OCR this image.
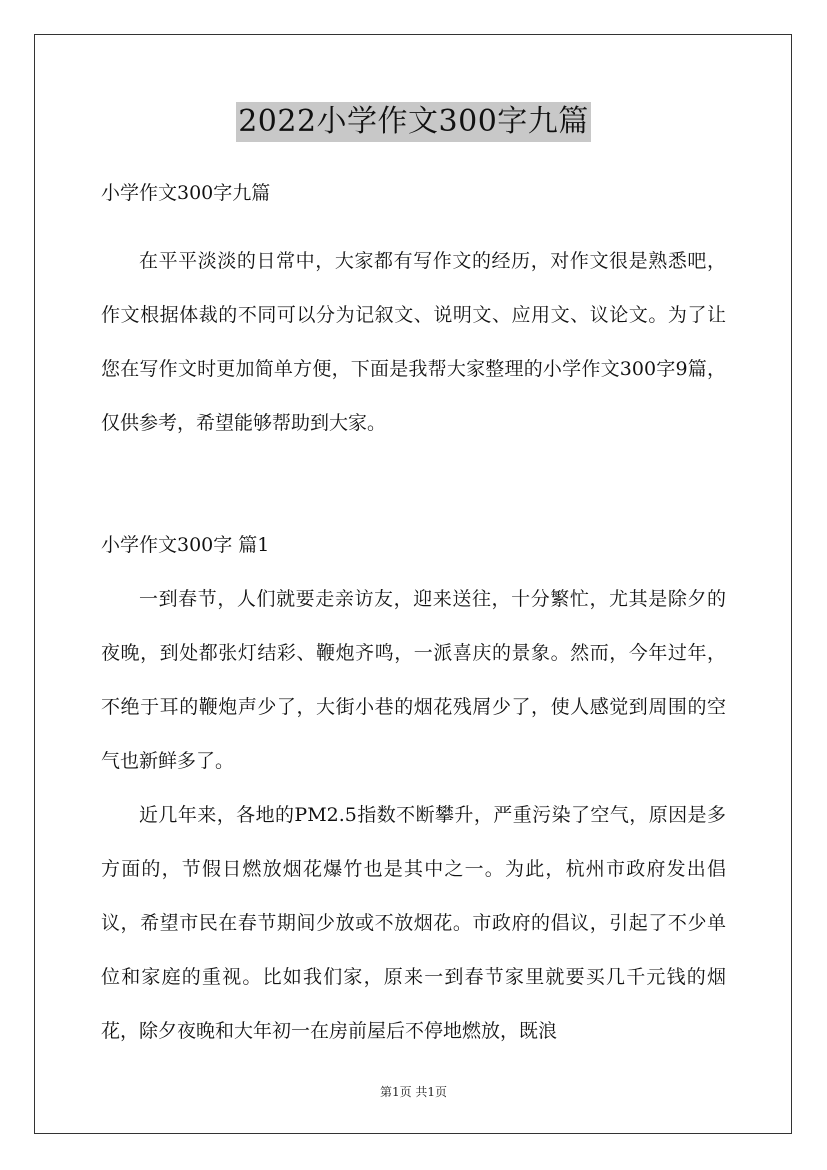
2022小学作文300字九篇

小学作文300字九篇

在平平淡淡的日常中，大家都有写作文的经历，对作文很是熟悉吧，作文根据体裁的不同可以分为记叙文、说明文、应用文、议论文。为了让您在写作文时更加简单方便，下面是我帮大家整理的小学作文300字9篇，仅供参考，希望能够帮助到大家。

小学作文300字 篇1

一到春节，人们就要走亲访友，迎来送往，十分繁忙，尤其是除夕的夜晚，到处都张灯结彩、鞭炮齐鸣，一派喜庆的景象。然而，今年过年，不绝于耳的鞭炮声少了，大街小巷的烟花残屑少了，使人感觉到周围的空气也新鲜多了。

近几年来，各地的PM2.5指数不断攀升，严重污染了空气，原因是多方面的，节假日燃放烟花爆竹也是其中之一。为此，杭州市政府发出倡议，希望市民在春节期间少放或不放烟花。市政府的倡议，引起了不少单位和家庭的重视。比如我们家，原来一到春节家里就要买几千元钱的烟花，除夕夜晚和大年初一在房前屋后不停地燃放，既浪

第1页 共1页
